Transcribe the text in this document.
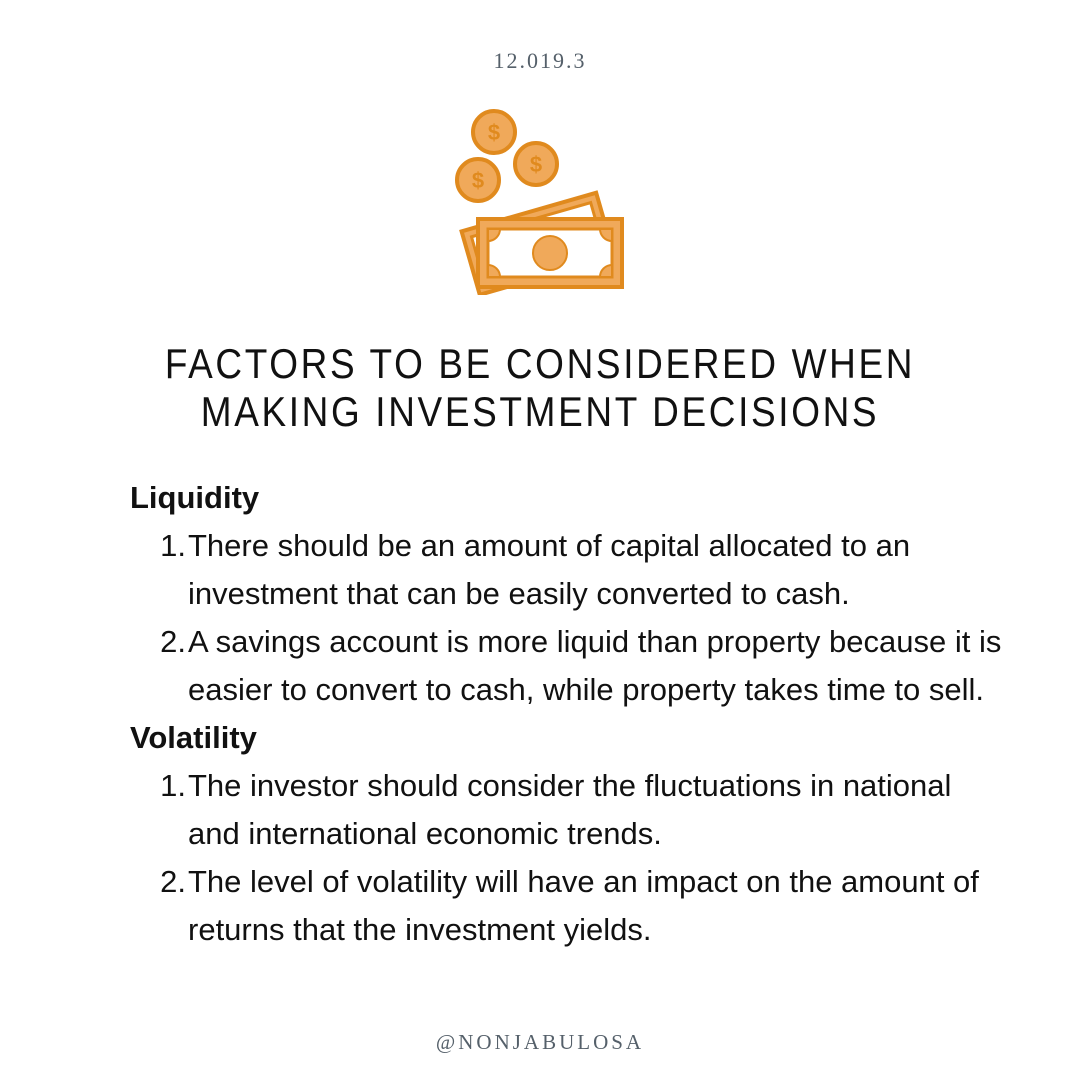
12.019.3
$
$
$
FACTORS TO BE CONSIDERED WHEN
MAKING INVESTMENT DECISIONS

Liquidity

1. There should be an amount of capital allocated to an investment that can be easily converted to cash.
2. A savings account is more liquid than property because it is easier to convert to cash, while property takes time to sell.

Volatility

1. The investor should consider the fluctuations in national and international economic trends.
2. The level of volatility will have an impact on the amount of returns that the investment yields.
@NONJABULOSA
